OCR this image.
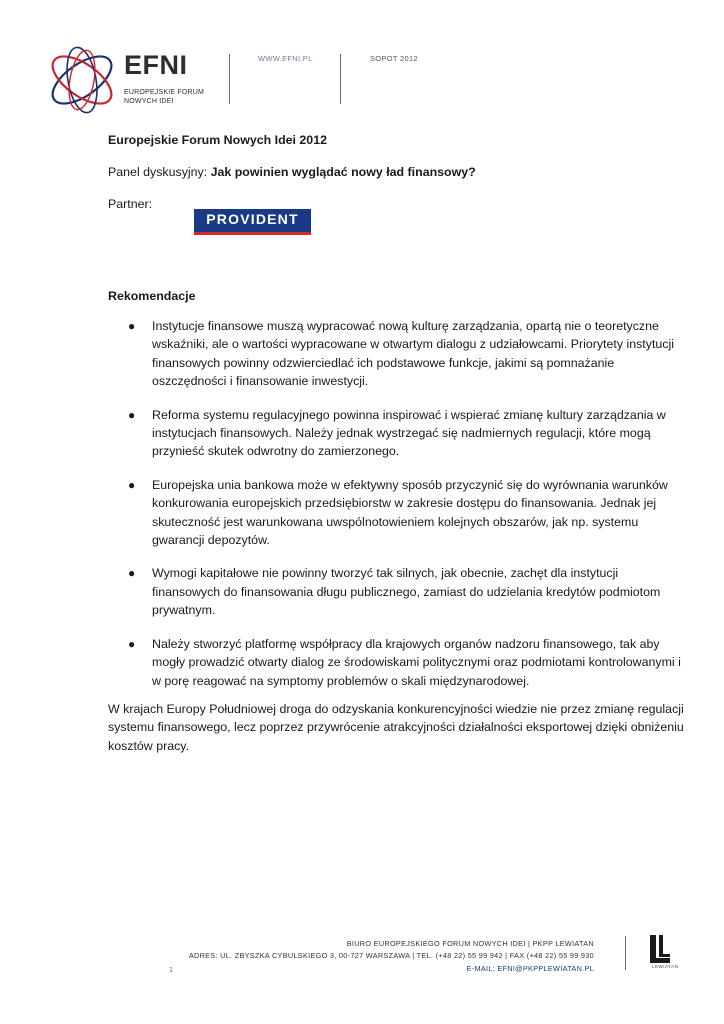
EFNI
EUROPEJSKIE FORUM
NOWYCH IDEI
WWW.EFNI.PL	SOPOT 2012
Europejskie Forum Nowych Idei 2012
Panel dyskusyjny: Jak powinien wyglądać nowy ład finansowy?
Partner:
PROVIDENT
Rekomendacje
● Instytucje finansowe muszą wypracować nową kulturę zarządzania, opartą nie o teoretyczne wskaźniki, ale o wartości wypracowane w otwartym dialogu z udziałowcami. Priorytety instytucji finansowych powinny odzwierciedlać ich podstawowe funkcje, jakimi są pomnażanie oszczędności i finansowanie inwestycji.
● Reforma systemu regulacyjnego powinna inspirować i wspierać zmianę kultury zarządzania w instytucjach finansowych. Należy jednak wystrzegać się nadmiernych regulacji, które mogą przynieść skutek odwrotny do zamierzonego.
● Europejska unia bankowa może w efektywny sposób przyczynić się do wyrównania warunków konkurowania europejskich przedsiębiorstw w zakresie dostępu do finansowania. Jednak jej skuteczność jest warunkowana uwspólnotowieniem kolejnych obszarów, jak np. systemu gwarancji depozytów.
● Wymogi kapitałowe nie powinny tworzyć tak silnych, jak obecnie, zachęt dla instytucji finansowych do finansowania długu publicznego, zamiast do udzielania kredytów podmiotom prywatnym.
● Należy stworzyć platformę współpracy dla krajowych organów nadzoru finansowego, tak aby mogły prowadzić otwarty dialog ze środowiskami politycznymi oraz podmiotami kontrolowanymi i w porę reagować na symptomy problemów o skali międzynarodowej.
W krajach Europy Południowej droga do odzyskania konkurencyjności wiedzie nie przez zmianę regulacji systemu finansowego, lecz poprzez przywrócenie atrakcyjności działalności eksportowej dzięki obniżeniu kosztów pracy.
1
BIURO EUROPEJSKIEGO FORUM NOWYCH IDEI | PKPP LEWIATAN
ADRES: UL. ZBYSZKA CYBULSKIEGO 3, 00-727 WARSZAWA | TEL. (+48 22) 55 99 942 | FAX (+48 22) 55 99 930
E-MAIL: EFNI@PKPPLEWIATAN.PL	LEWIATAN
